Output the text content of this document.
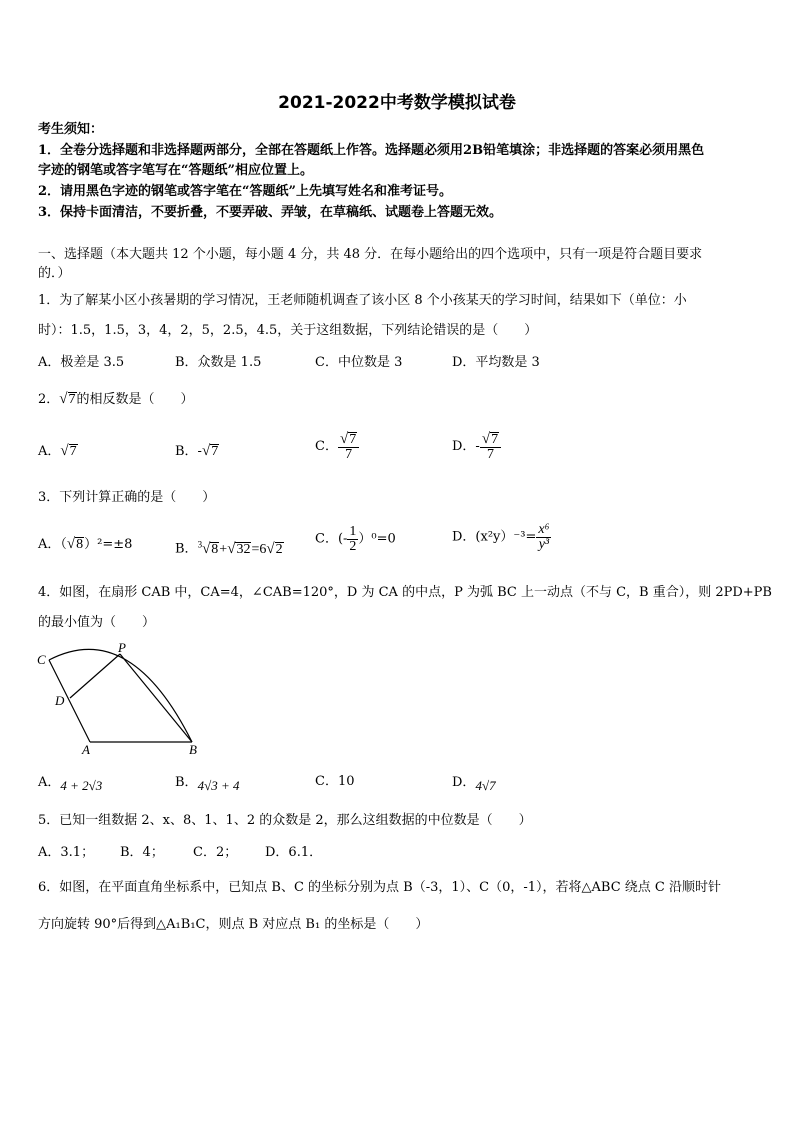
2021-2022中考数学模拟试卷
考生须知：
1．全卷分选择题和非选择题两部分，全部在答题纸上作答。选择题必须用2B铅笔填涂；非选择题的答案必须用黑色
字迹的钢笔或答字笔写在“答题纸”相应位置上。
2．请用黑色字迹的钢笔或答字笔在“答题纸”上先填写姓名和准考证号。
3．保持卡面清洁，不要折叠，不要弄破、弄皱，在草稿纸、试题卷上答题无效。
一、选择题（本大题共 12 个小题，每小题 4 分，共 48 分．在每小题给出的四个选项中，只有一项是符合题目要求
的．）
1．为了解某小区小孩暑期的学习情况，王老师随机调查了该小区 8 个小孩某天的学习时间，结果如下（单位：小
时）：1.5，1.5，3，4，2，5，2.5，4.5，关于这组数据，下列结论错误的是（　　）
A．极差是 3.5	B．众数是 1.5	C．中位数是 3	D．平均数是 3
2．√7的相反数是（　　）
A．√7	B．-√7	C． $\frac{√7}{7}$	D．- $\frac{√7}{7}$
3．下列计算正确的是（　　）
A．（√8）²=±8	B．$^3$√8+√32=6√2
C．(- $\frac{1}{2} )^0=0$	D．$(x^2y)^{-3}= \frac{\text{x⁶}}{\text{y³}}$
4．如图，在扇形 CAB 中，CA=4，∠CAB=120°，D 为 CA 的中点，P 为弧 BC 上一动点（不与 C，B 重合），则 2PD+PB
的最小值为（　　）
C
P
D
A	B
A．4 + 2√3	B．4√3 + 4	C．10	D．4√7
5．已知一组数据 2、x、8、1、1、2 的众数是 2，那么这组数据的中位数是（　　）
A．3.1； B．4； C．2； D．6.1．
6．如图，在平面直角坐标系中，已知点 B、C 的坐标分别为点 B（-3，1）、C（0，-1），若将△ABC 绕点 C 沿顺时针
方向旋转 90°后得到△A₁B₁C，则点 B 对应点 B₁ 的坐标是（　　）
